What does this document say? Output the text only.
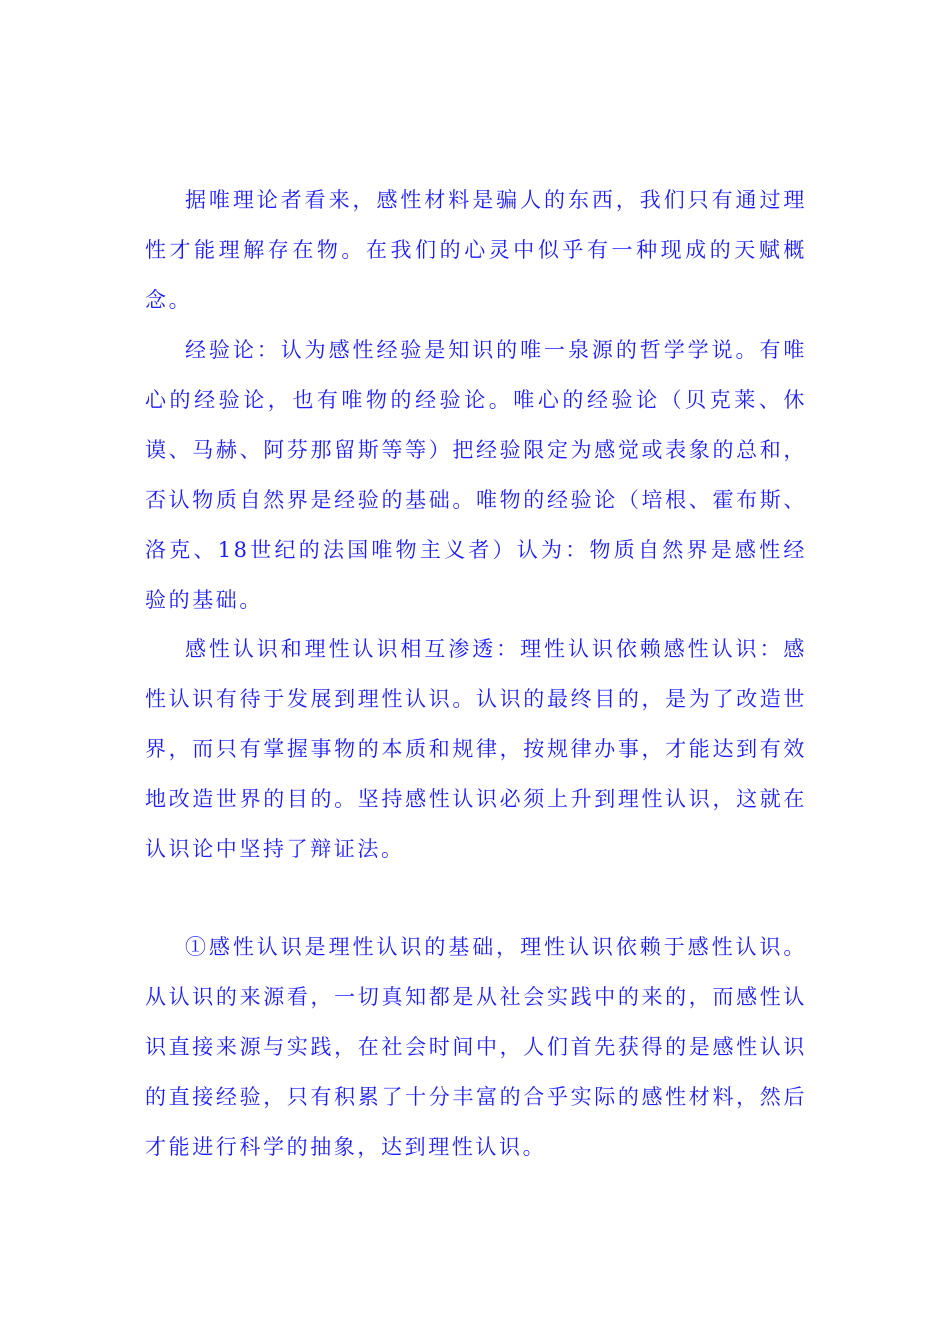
据唯理论者看来，感性材料是骗人的东西，我们只有通过理性才能理解存在物。在我们的心灵中似乎有一种现成的天赋概念。

经验论：认为感性经验是知识的唯一泉源的哲学学说。有唯心的经验论，也有唯物的经验论。唯心的经验论（贝克莱、休谟、马赫、阿芬那留斯等等）把经验限定为感觉或表象的总和，否认物质自然界是经验的基础。唯物的经验论（培根、霍布斯、洛克、18世纪的法国唯物主义者）认为：物质自然界是感性经验的基础。

感性认识和理性认识相互渗透：理性认识依赖感性认识：感性认识有待于发展到理性认识。认识的最终目的，是为了改造世界，而只有掌握事物的本质和规律，按规律办事，才能达到有效地改造世界的目的。坚持感性认识必须上升到理性认识，这就在认识论中坚持了辩证法。

①感性认识是理性认识的基础，理性认识依赖于感性认识。从认识的来源看，一切真知都是从社会实践中的来的，而感性认识直接来源与实践，在社会时间中，人们首先获得的是感性认识的直接经验，只有积累了十分丰富的合乎实际的感性材料，然后才能进行科学的抽象，达到理性认识。
